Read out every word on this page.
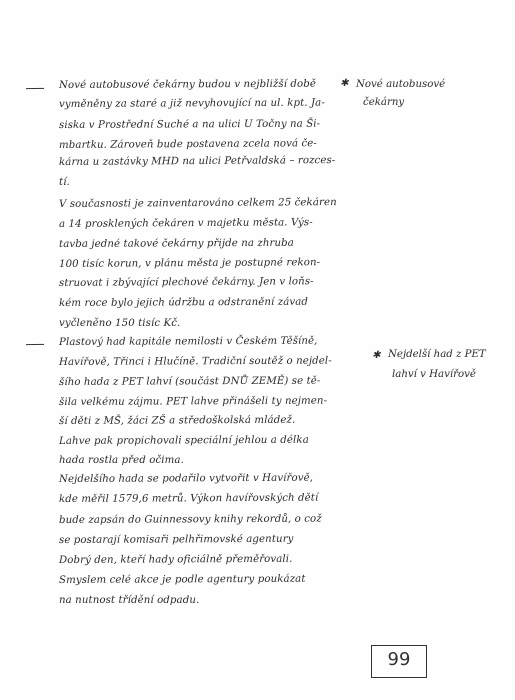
Nové autobusové čekárny budou v nejbližší době
vyměněny za staré a již nevyhovující na ul. kpt. Ja-
siska v Prostřední Suché a na ulici U Točny na Ši-
mbartku. Zároveň bude postavena zcela nová če-
kárna u zastávky MHD na ulici Petřvaldská – rozces-
tí.
V současnosti je zainventarováno celkem 25 čekáren
a 14 prosklených čekáren v majetku města. Výs-
tavba jedné takové čekárny přijde na zhruba
100 tisíc korun, v plánu města je postupné rekon-
struovat i zbývající plechové čekárny. Jen v loňs-
kém roce bylo jejich údržbu a odstranění závad
vyčleněno 150 tisíc Kč.
Plastový had kapitále nemilosti v Českém Těšíně,
Havířově, Třinci i Hlučíně. Tradiční soutěž o nejdel-
šího hada z PET lahví (součást DNŮ ZEMĚ) se tě-
šila velkému zájmu. PET lahve přinášeli ty nejmen-
ší děti z MŠ, žáci ZŠ a středoškolská mládež.
Lahve pak propichovali speciální jehlou a délka
hada rostla před očima.
Nejdelšího hada se podařilo vytvořit v Havířově,
kde měřil 1579,6 metrů. Výkon havířovských dětí
bude zapsán do Guinnessovy knihy rekordů, o což
se postarají komisaři pelhřimovské agentury
Dobrý den, kteří hady oficiálně přeměřovali.
Smyslem celé akce je podle agentury poukázat
na nutnost třídění odpadu.
✱ Nové autobusové
čekárny
✱ Nejdelší had z PET
lahví v Havířově
99
